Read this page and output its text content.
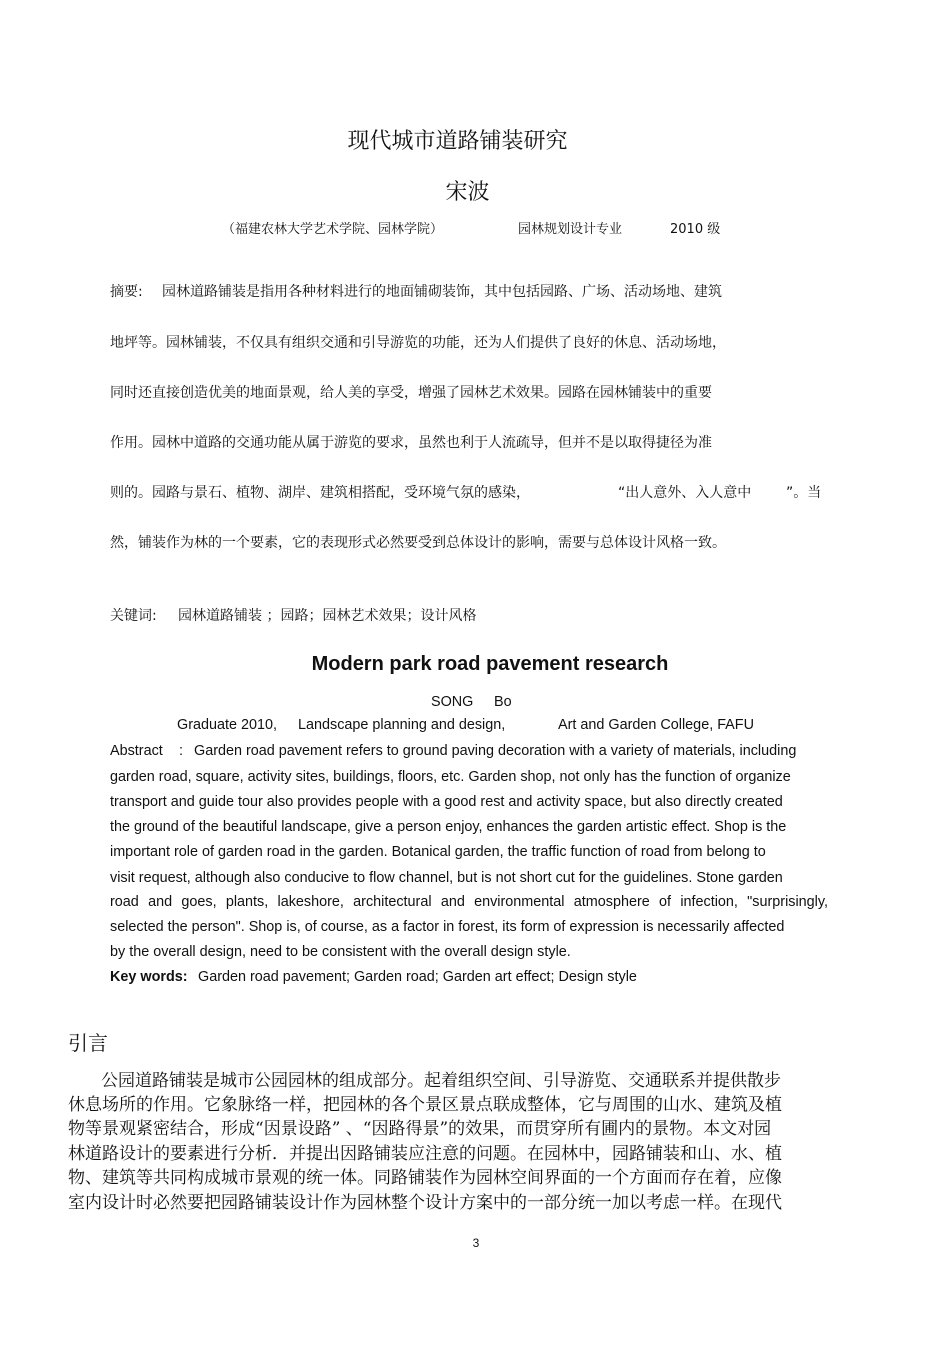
现代城市道路铺装研究
宋波
（福建农林大学艺术学院、园林学院）	园林规划设计专业	2010 级
摘要: 园林道路铺装是指用各种材料进行的地面铺砌装饰，其中包括园路、广场、活动场地、建筑
地坪等。园林铺装，不仅具有组织交通和引导游览的功能，还为人们提供了良好的休息、活动场地，
同时还直接创造优美的地面景观，给人美的享受，增强了园林艺术效果。园路在园林铺装中的重要
作用。园林中道路的交通功能从属于游览的要求，虽然也利于人流疏导，但并不是以取得捷径为准
则的。园路与景石、植物、湖岸、建筑相搭配，受环境气氛的感染，	“出人意外、入人意中 ”。当
然，铺装作为林的一个要素，它的表现形式必然要受到总体设计的影响，需要与总体设计风格一致。
关键词: 园林道路铺装 ；园路；园林艺术效果；设计风格
Modern park road pavement research
SONG Bo
Graduate 2010, Landscape planning and design,	Art and Garden College, FAFU
Abstract : Garden road pavement refers to ground paving decoration with a variety of materials, including
garden road, square, activity sites, buildings, floors, etc. Garden shop, not only has the function of organize
transport and guide tour also provides people with a good rest and activity space, but also directly created
the ground of the beautiful landscape, give a person enjoy, enhances the garden artistic effect. Shop is the
important role of garden road in the garden. Botanical garden, the traffic function of road from belong to
visit request, although also conducive to flow channel, but is not short cut for the guidelines. Stone garden
road and goes, plants, lakeshore, architectural and environmental atmosphere of infection, "surprisingly,
selected the person". Shop is, of course, as a factor in forest, its form of expression is necessarily affected
by the overall design, need to be consistent with the overall design style.
Key words: Garden road pavement; Garden road; Garden art effect; Design style
引言
公园道路铺装是城市公园园林的组成部分。起着组织空间、引导游览、交通联系并提供散步
休息场所的作用。它象脉络一样，把园林的各个景区景点联成整体，它与周围的山水、建筑及植
物等景观紧密结合，形成“因景设路” 、“因路得景”的效果，而贯穿所有圃内的景物。本文对园
林道路设计的要素进行分析．并提出因路铺装应注意的问题。在园林中，园路铺装和山、水、植
物、建筑等共同构成城市景观的统一体。同路铺装作为园林空间界面的一个方面而存在着，应像
室内设计时必然要把园路铺装设计作为园林整个设计方案中的一部分统一加以考虑一样。在现代
3
